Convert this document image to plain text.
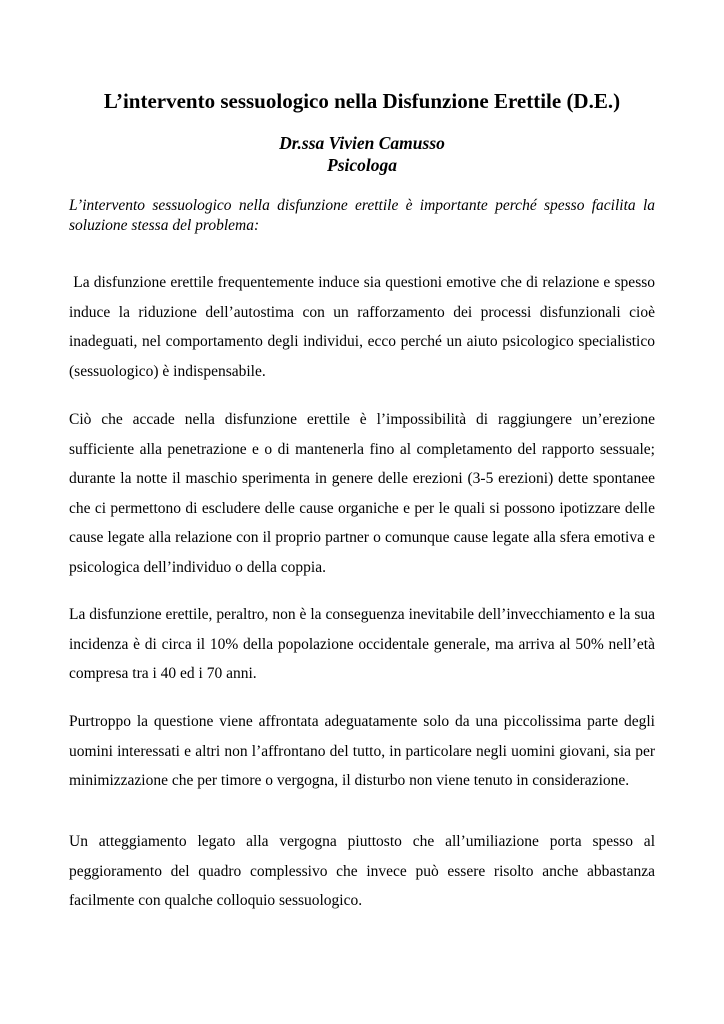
L’intervento sessuologico nella Disfunzione Erettile (D.E.)
Dr.ssa Vivien Camusso
Psicologa

L’intervento sessuologico nella disfunzione erettile è importante perché spesso facilita la soluzione stessa del problema:

La disfunzione erettile frequentemente induce sia questioni emotive che di relazione e spesso induce la riduzione dell’autostima con un rafforzamento dei processi disfunzionali cioè inadeguati, nel comportamento degli individui, ecco perché un aiuto psicologico specialistico (sessuologico) è indispensabile.

Ciò che accade nella disfunzione erettile è l’impossibilità di raggiungere un’erezione sufficiente alla penetrazione e o di mantenerla fino al completamento del rapporto sessuale; durante la notte il maschio sperimenta in genere delle erezioni (3-5 erezioni) dette spontanee che ci permettono di escludere delle cause organiche e per le quali si possono ipotizzare delle cause legate alla relazione con il proprio partner o comunque cause legate alla sfera emotiva e psicologica dell’individuo o della coppia.

La disfunzione erettile, peraltro, non è la conseguenza inevitabile dell’invecchiamento e la sua incidenza è di circa il 10% della popolazione occidentale generale, ma arriva al 50% nell’età compresa tra i 40 ed i 70 anni.

Purtroppo la questione viene affrontata adeguatamente solo da una piccolissima parte degli uomini interessati e altri non l’affrontano del tutto, in particolare negli uomini giovani, sia per minimizzazione che per timore o vergogna, il disturbo non viene tenuto in considerazione.

Un atteggiamento legato alla vergogna piuttosto che all’umiliazione porta spesso al peggioramento del quadro complessivo che invece può essere risolto anche abbastanza facilmente con qualche colloquio sessuologico.
